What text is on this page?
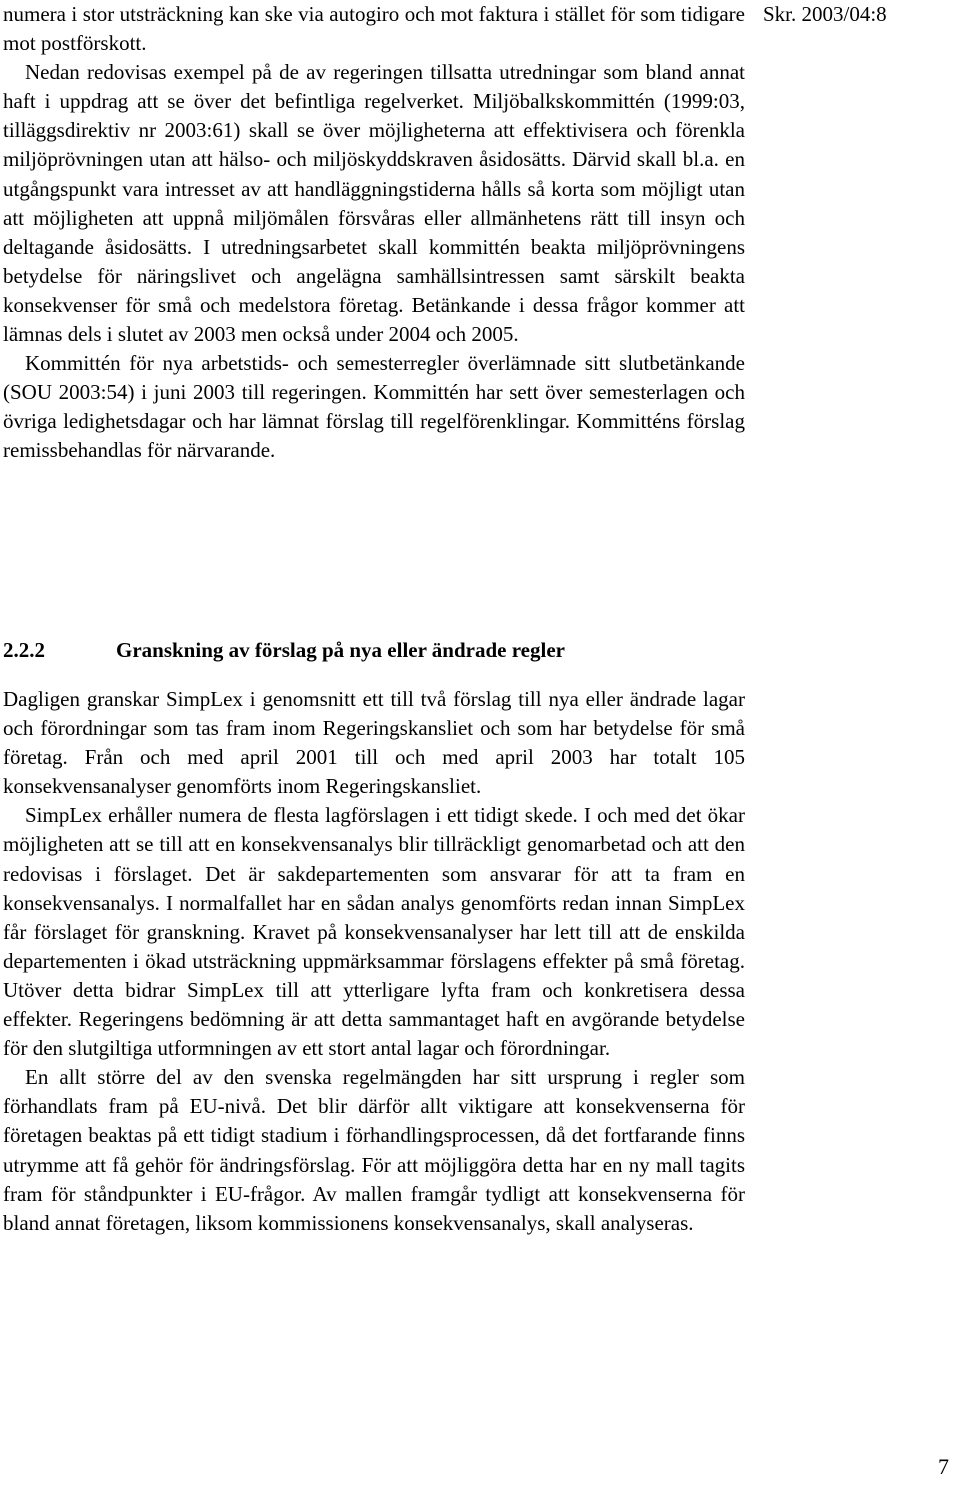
Skr. 2003/04:8

numera i stor utsträckning kan ske via autogiro och mot faktura i stället för som tidigare mot postförskott.

Nedan redovisas exempel på de av regeringen tillsatta utredningar som bland annat haft i uppdrag att se över det befintliga regelverket. Miljöbalkskommittén (1999:03, tilläggsdirektiv nr 2003:61) skall se över möjligheterna att effektivisera och förenkla miljöprövningen utan att hälso- och miljöskyddskraven åsidosätts. Därvid skall bl.a. en utgångspunkt vara intresset av att handläggningstiderna hålls så korta som möjligt utan att möjligheten att uppnå miljömålen försvåras eller allmänhetens rätt till insyn och deltagande åsidosätts. I utredningsarbetet skall kommittén beakta miljöprövningens betydelse för näringslivet och angelägna samhällsintressen samt särskilt beakta konsekvenser för små och medelstora företag. Betänkande i dessa frågor kommer att lämnas dels i slutet av 2003 men också under 2004 och 2005.

Kommittén för nya arbetstids- och semesterregler överlämnade sitt slutbetänkande (SOU 2003:54) i juni 2003 till regeringen. Kommittén har sett över semesterlagen och övriga ledighetsdagar och har lämnat förslag till regelförenklingar. Kommitténs förslag remissbehandlas för närvarande.

2.2.2	Granskning av förslag på nya eller ändrade regler

Dagligen granskar SimpLex i genomsnitt ett till två förslag till nya eller ändrade lagar och förordningar som tas fram inom Regeringskansliet och som har betydelse för små företag. Från och med april 2001 till och med april 2003 har totalt 105 konsekvensanalyser genomförts inom Regeringskansliet.

SimpLex erhåller numera de flesta lagförslagen i ett tidigt skede. I och med det ökar möjligheten att se till att en konsekvensanalys blir tillräckligt genomarbetad och att den redovisas i förslaget. Det är sakdepartementen som ansvarar för att ta fram en konsekvensanalys. I normalfallet har en sådan analys genomförts redan innan SimpLex får förslaget för granskning. Kravet på konsekvensanalyser har lett till att de enskilda departementen i ökad utsträckning uppmärksammar förslagens effekter på små företag. Utöver detta bidrar SimpLex till att ytterligare lyfta fram och konkretisera dessa effekter. Regeringens bedömning är att detta sammantaget haft en avgörande betydelse för den slutgiltiga utformningen av ett stort antal lagar och förordningar.

En allt större del av den svenska regelmängden har sitt ursprung i regler som förhandlats fram på EU-nivå. Det blir därför allt viktigare att konsekvenserna för företagen beaktas på ett tidigt stadium i förhandlingsprocessen, då det fortfarande finns utrymme att få gehör för ändringsförslag. För att möjliggöra detta har en ny mall tagits fram för ståndpunkter i EU-frågor. Av mallen framgår tydligt att konsekvenserna för bland annat företagen, liksom kommissionens konsekvensanalys, skall analyseras.

7
